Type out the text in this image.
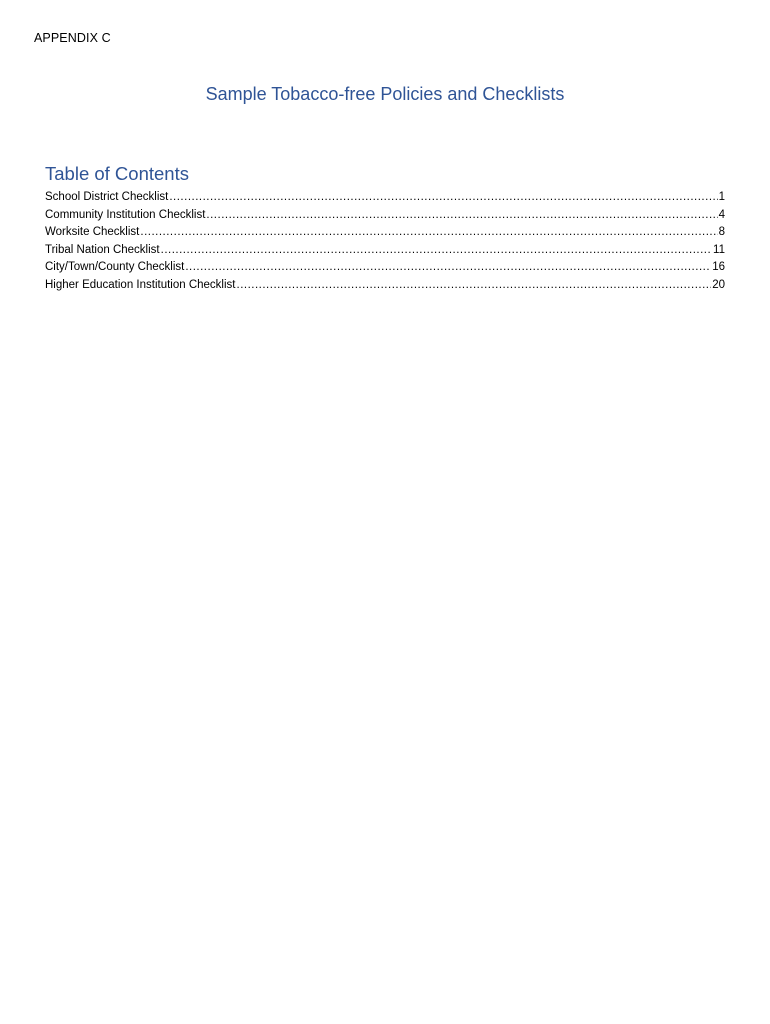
APPENDIX C
Sample Tobacco-free Policies and Checklists
Table of Contents
School District Checklist .....	1
Community Institution Checklist .....	4
Worksite Checklist .....	8
Tribal Nation Checklist .....	11
City/Town/County Checklist .....	16
Higher Education Institution Checklist .....	20
